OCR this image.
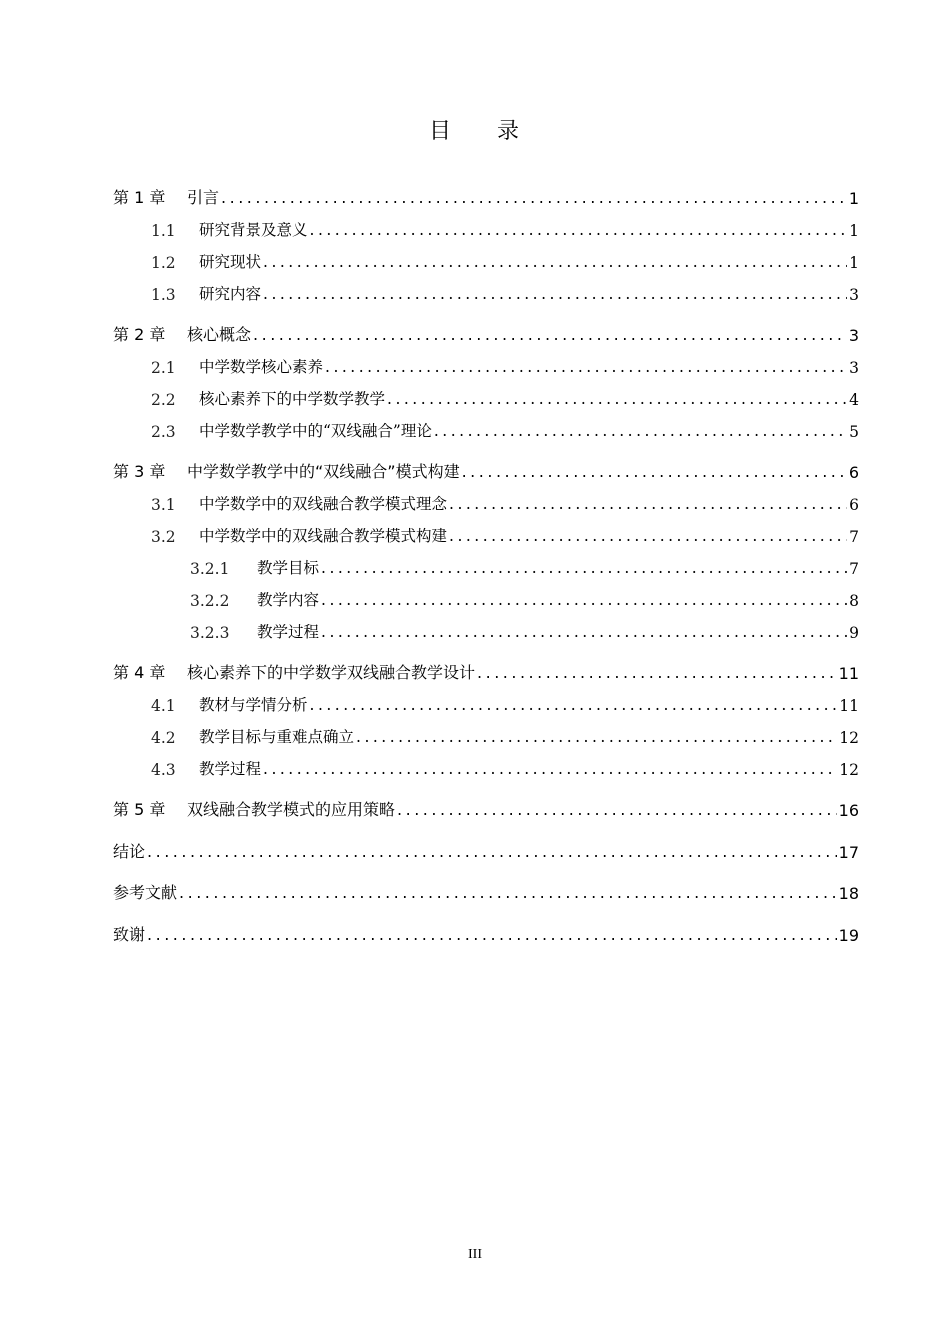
目 录
第 1 章	引言 .....	1
1.1	研究背景及意义 .....	1
1.2	研究现状 .....	1
1.3	研究内容 .....	3
第 2 章	核心概念 .....	3
2.1	中学数学核心素养 .....	3
2.2	核心素养下的中学数学教学 .....	4
2.3	中学数学教学中的“双线融合”理论 .....	5
第 3 章	中学数学教学中的“双线融合”模式构建 .....	6
3.1	中学数学中的双线融合教学模式理念 .....	6
3.2	中学数学中的双线融合教学模式构建 .....	7
3.2.1	教学目标 .....	7
3.2.2	教学内容 .....	8
3.2.3	教学过程 .....	9
第 4 章	核心素养下的中学数学双线融合教学设计 .....	11
4.1	教材与学情分析 .....	11
4.2	教学目标与重难点确立 .....	12
4.3	教学过程 .....	12
第 5 章	双线融合教学模式的应用策略 .....	16
结论 .....	17
参考文献 .....	18
致谢 .....	19
III
